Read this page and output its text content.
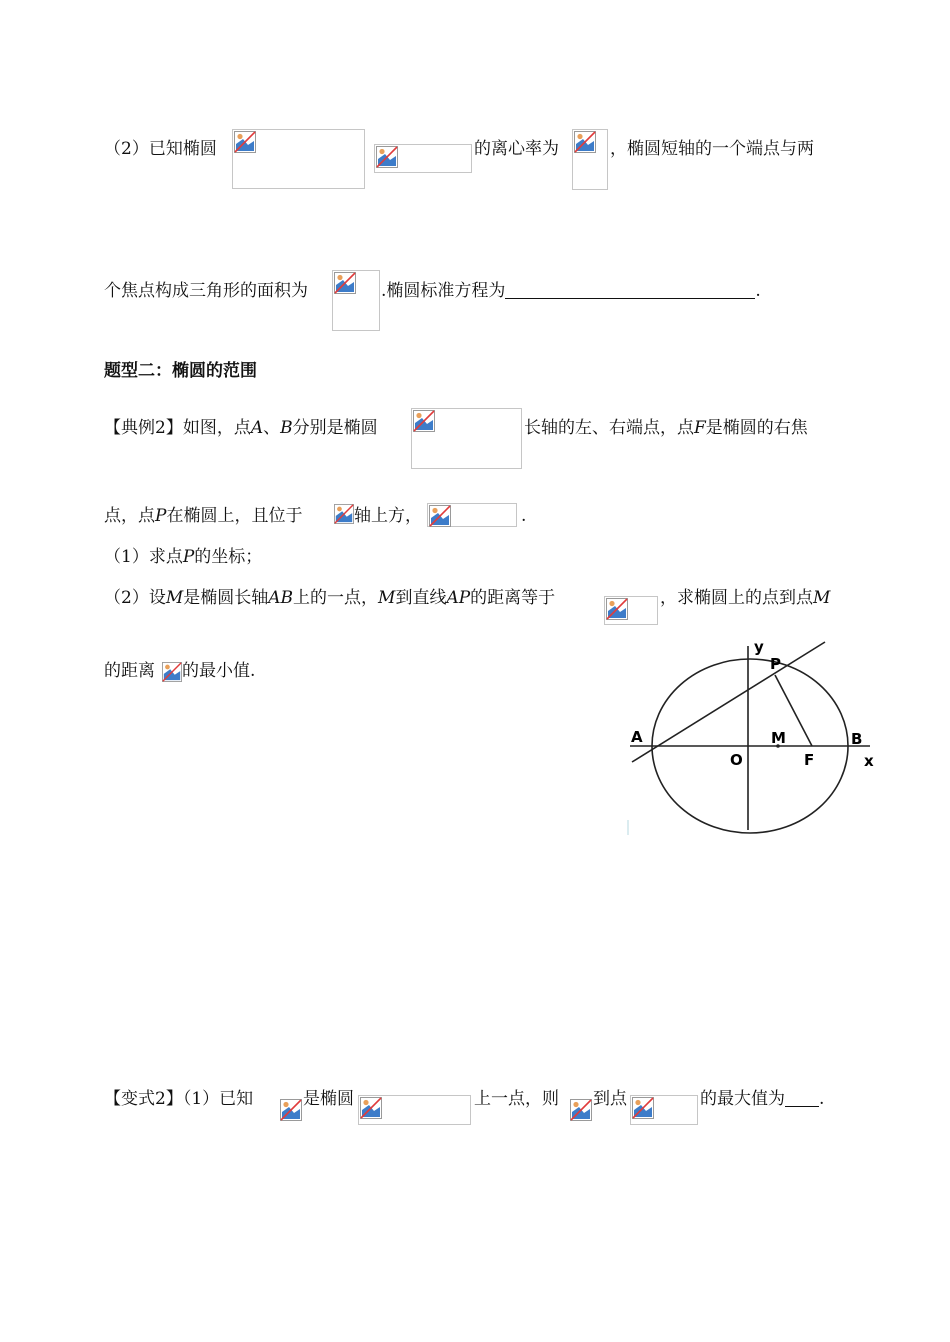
（2）已知椭圆	的离心率为	，椭圆短轴的一个端点与两
个焦点构成三角形的面积为	.椭圆标准方程为	.
题型二：椭圆的范围
【典例2】如图，点A、B分别是椭圆	长轴的左、右端点，点F是椭圆的右焦
点，点P在椭圆上，且位于	轴上方，	.
（1）求点P的坐标；
（2）设M是椭圆长轴AB上的一点，M到直线AP的距离等于	，求椭圆上的点到点M
的距离 的最小值.
y
P
A
O
M
F
B
x
【变式2】（1）已知	是椭圆	上一点，则 到点	的最大值为 .
